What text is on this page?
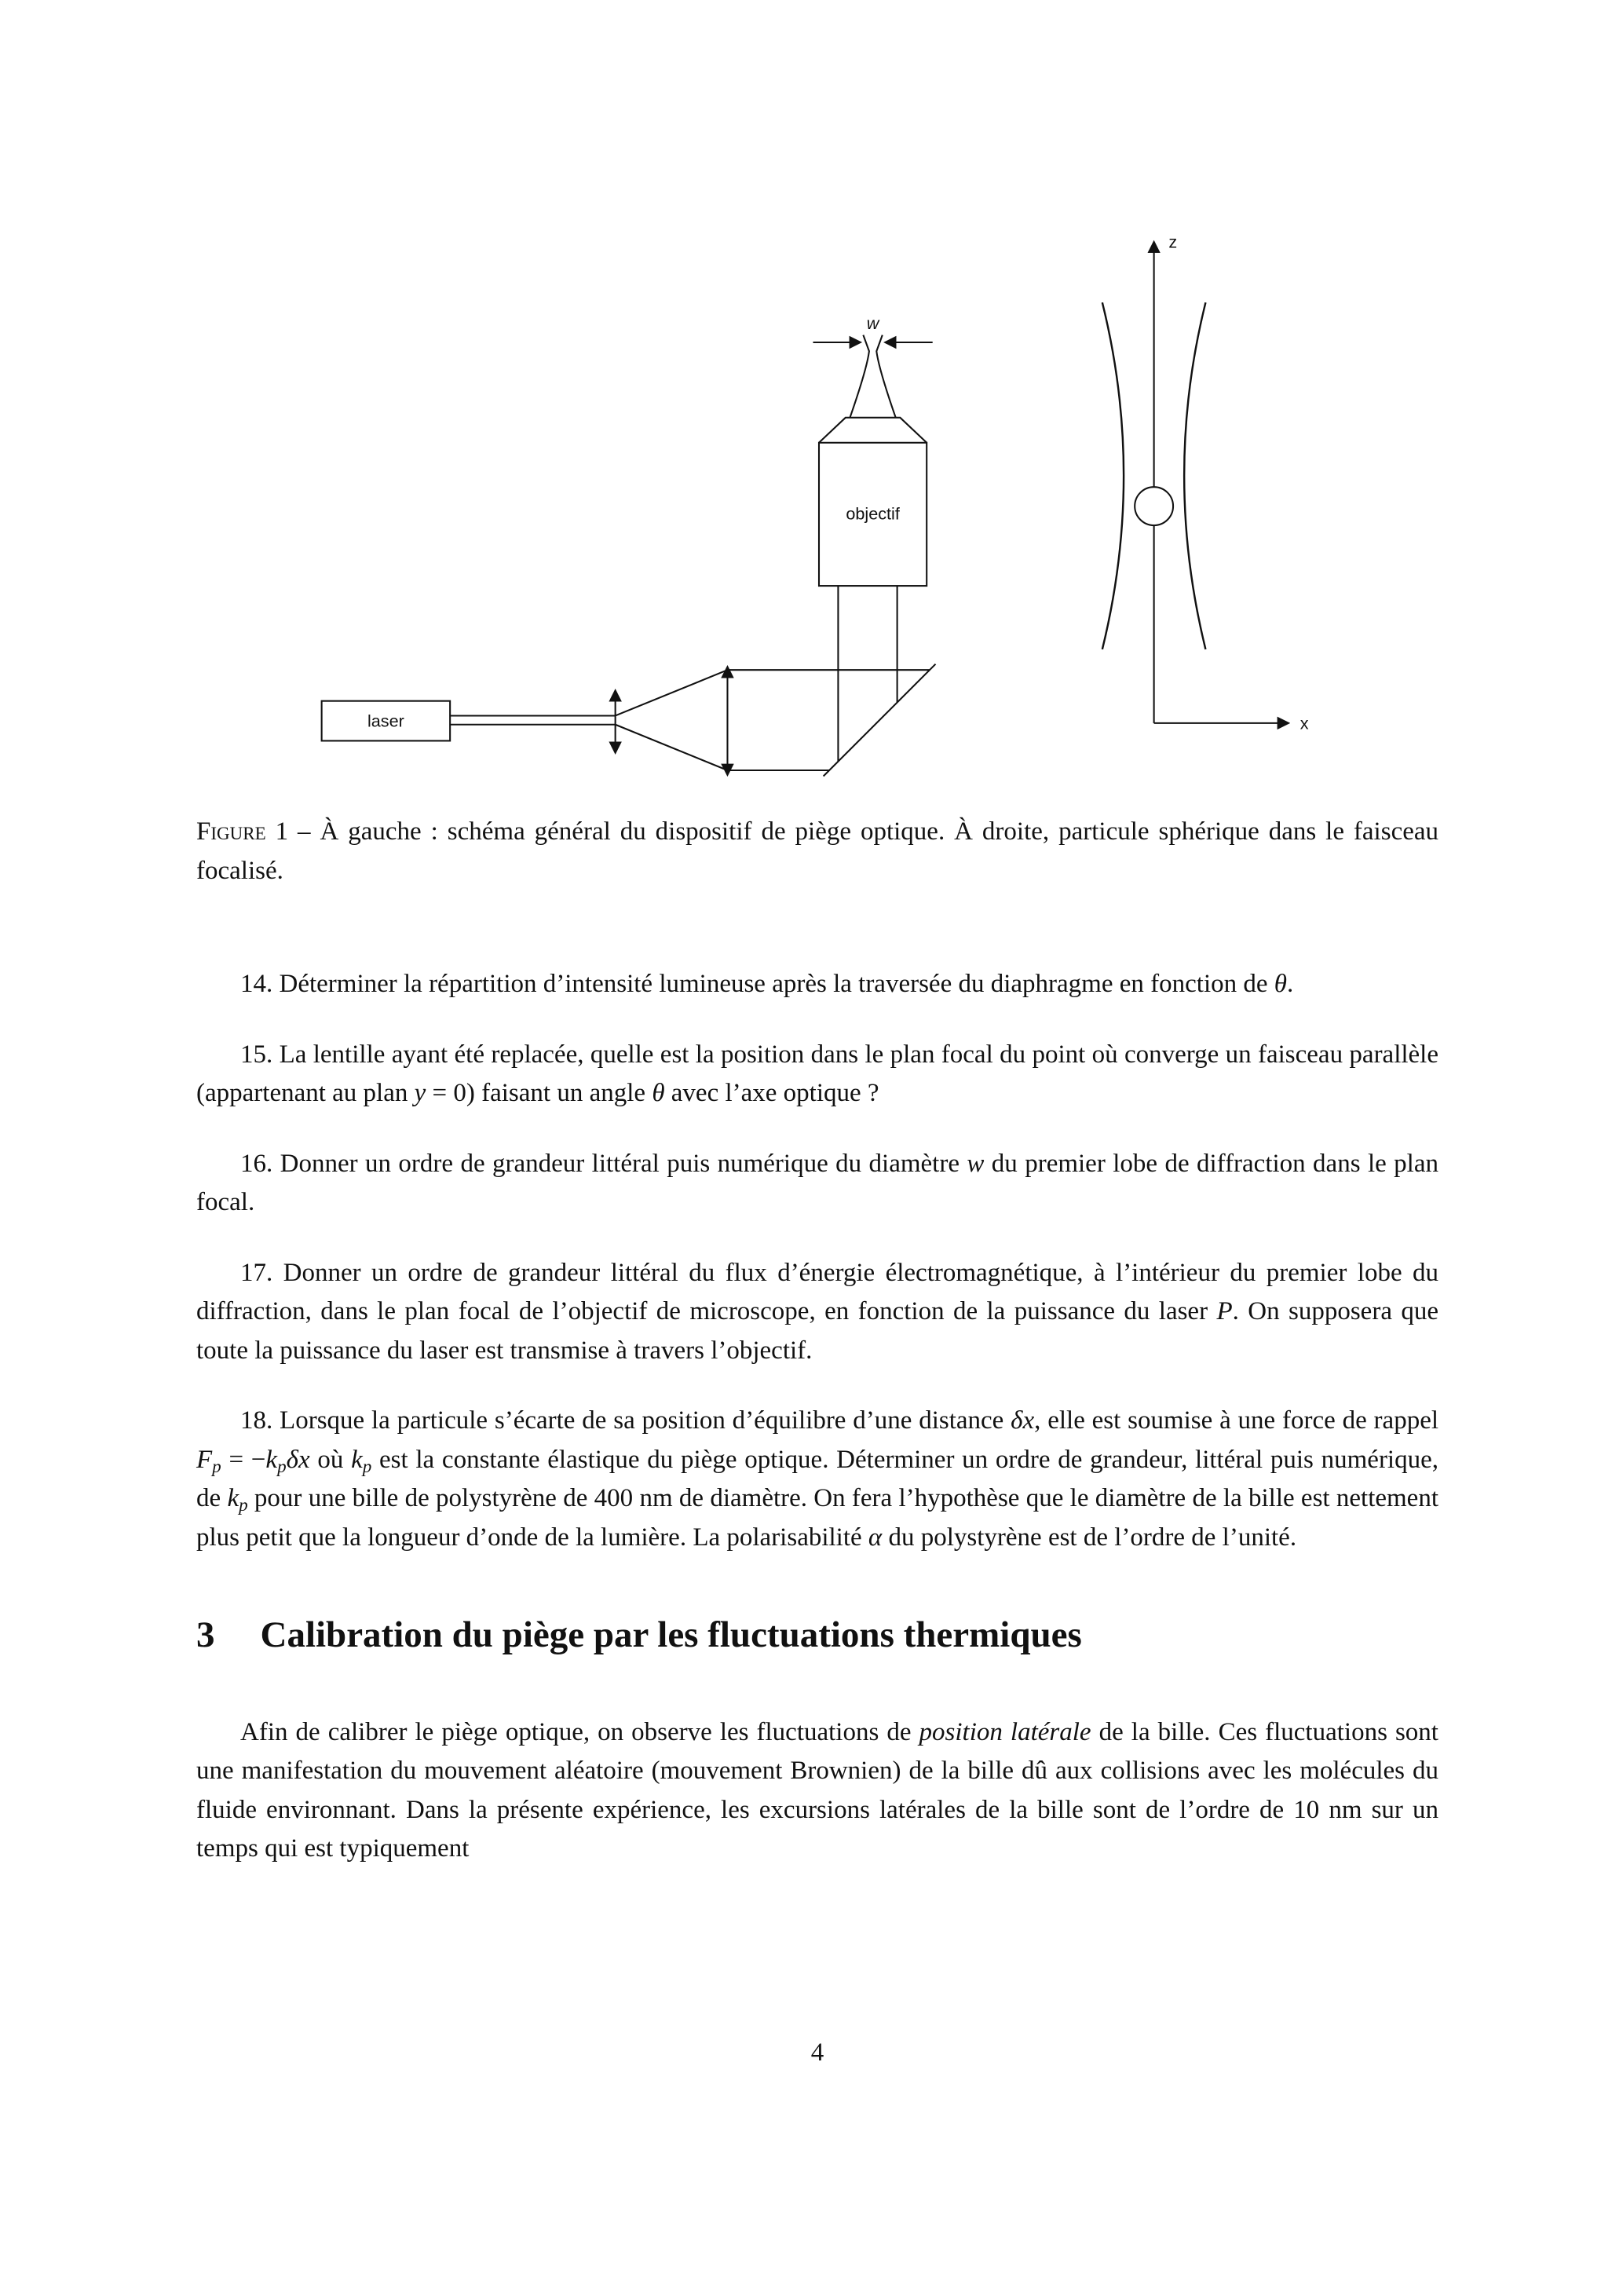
laser
objectif
w
z
x
Figure 1 – À gauche : schéma général du dispositif de piège optique. À droite, particule sphérique dans le faisceau focalisé.

14. Déterminer la répartition d’intensité lumineuse après la traversée du diaphragme en fonction de θ.

15. La lentille ayant été replacée, quelle est la position dans le plan focal du point où converge un faisceau parallèle (appartenant au plan y = 0) faisant un angle θ avec l’axe optique ?

16. Donner un ordre de grandeur littéral puis numérique du diamètre w du premier lobe de diffraction dans le plan focal.

17. Donner un ordre de grandeur littéral du flux d’énergie électromagnétique, à l’intérieur du premier lobe du diffraction, dans le plan focal de l’objectif de microscope, en fonction de la puissance du laser P. On supposera que toute la puissance du laser est transmise à travers l’objectif.

18. Lorsque la particule s’écarte de sa position d’équilibre d’une distance δx, elle est soumise à une force de rappel Fp = −kpδx où kp est la constante élastique du piège optique. Déterminer un ordre de grandeur, littéral puis numérique, de kp pour une bille de polystyrène de 400 nm de diamètre. On fera l’hypothèse que le diamètre de la bille est nettement plus petit que la longueur d’onde de la lumière. La polarisabilité α du polystyrène est de l’ordre de l’unité.

3 Calibration du piège par les fluctuations thermiques

Afin de calibrer le piège optique, on observe les fluctuations de position latérale de la bille. Ces fluctuations sont une manifestation du mouvement aléatoire (mouvement Brownien) de la bille dû aux collisions avec les molécules du fluide environnant. Dans la présente expérience, les excursions latérales de la bille sont de l’ordre de 10 nm sur un temps qui est typiquement

4
